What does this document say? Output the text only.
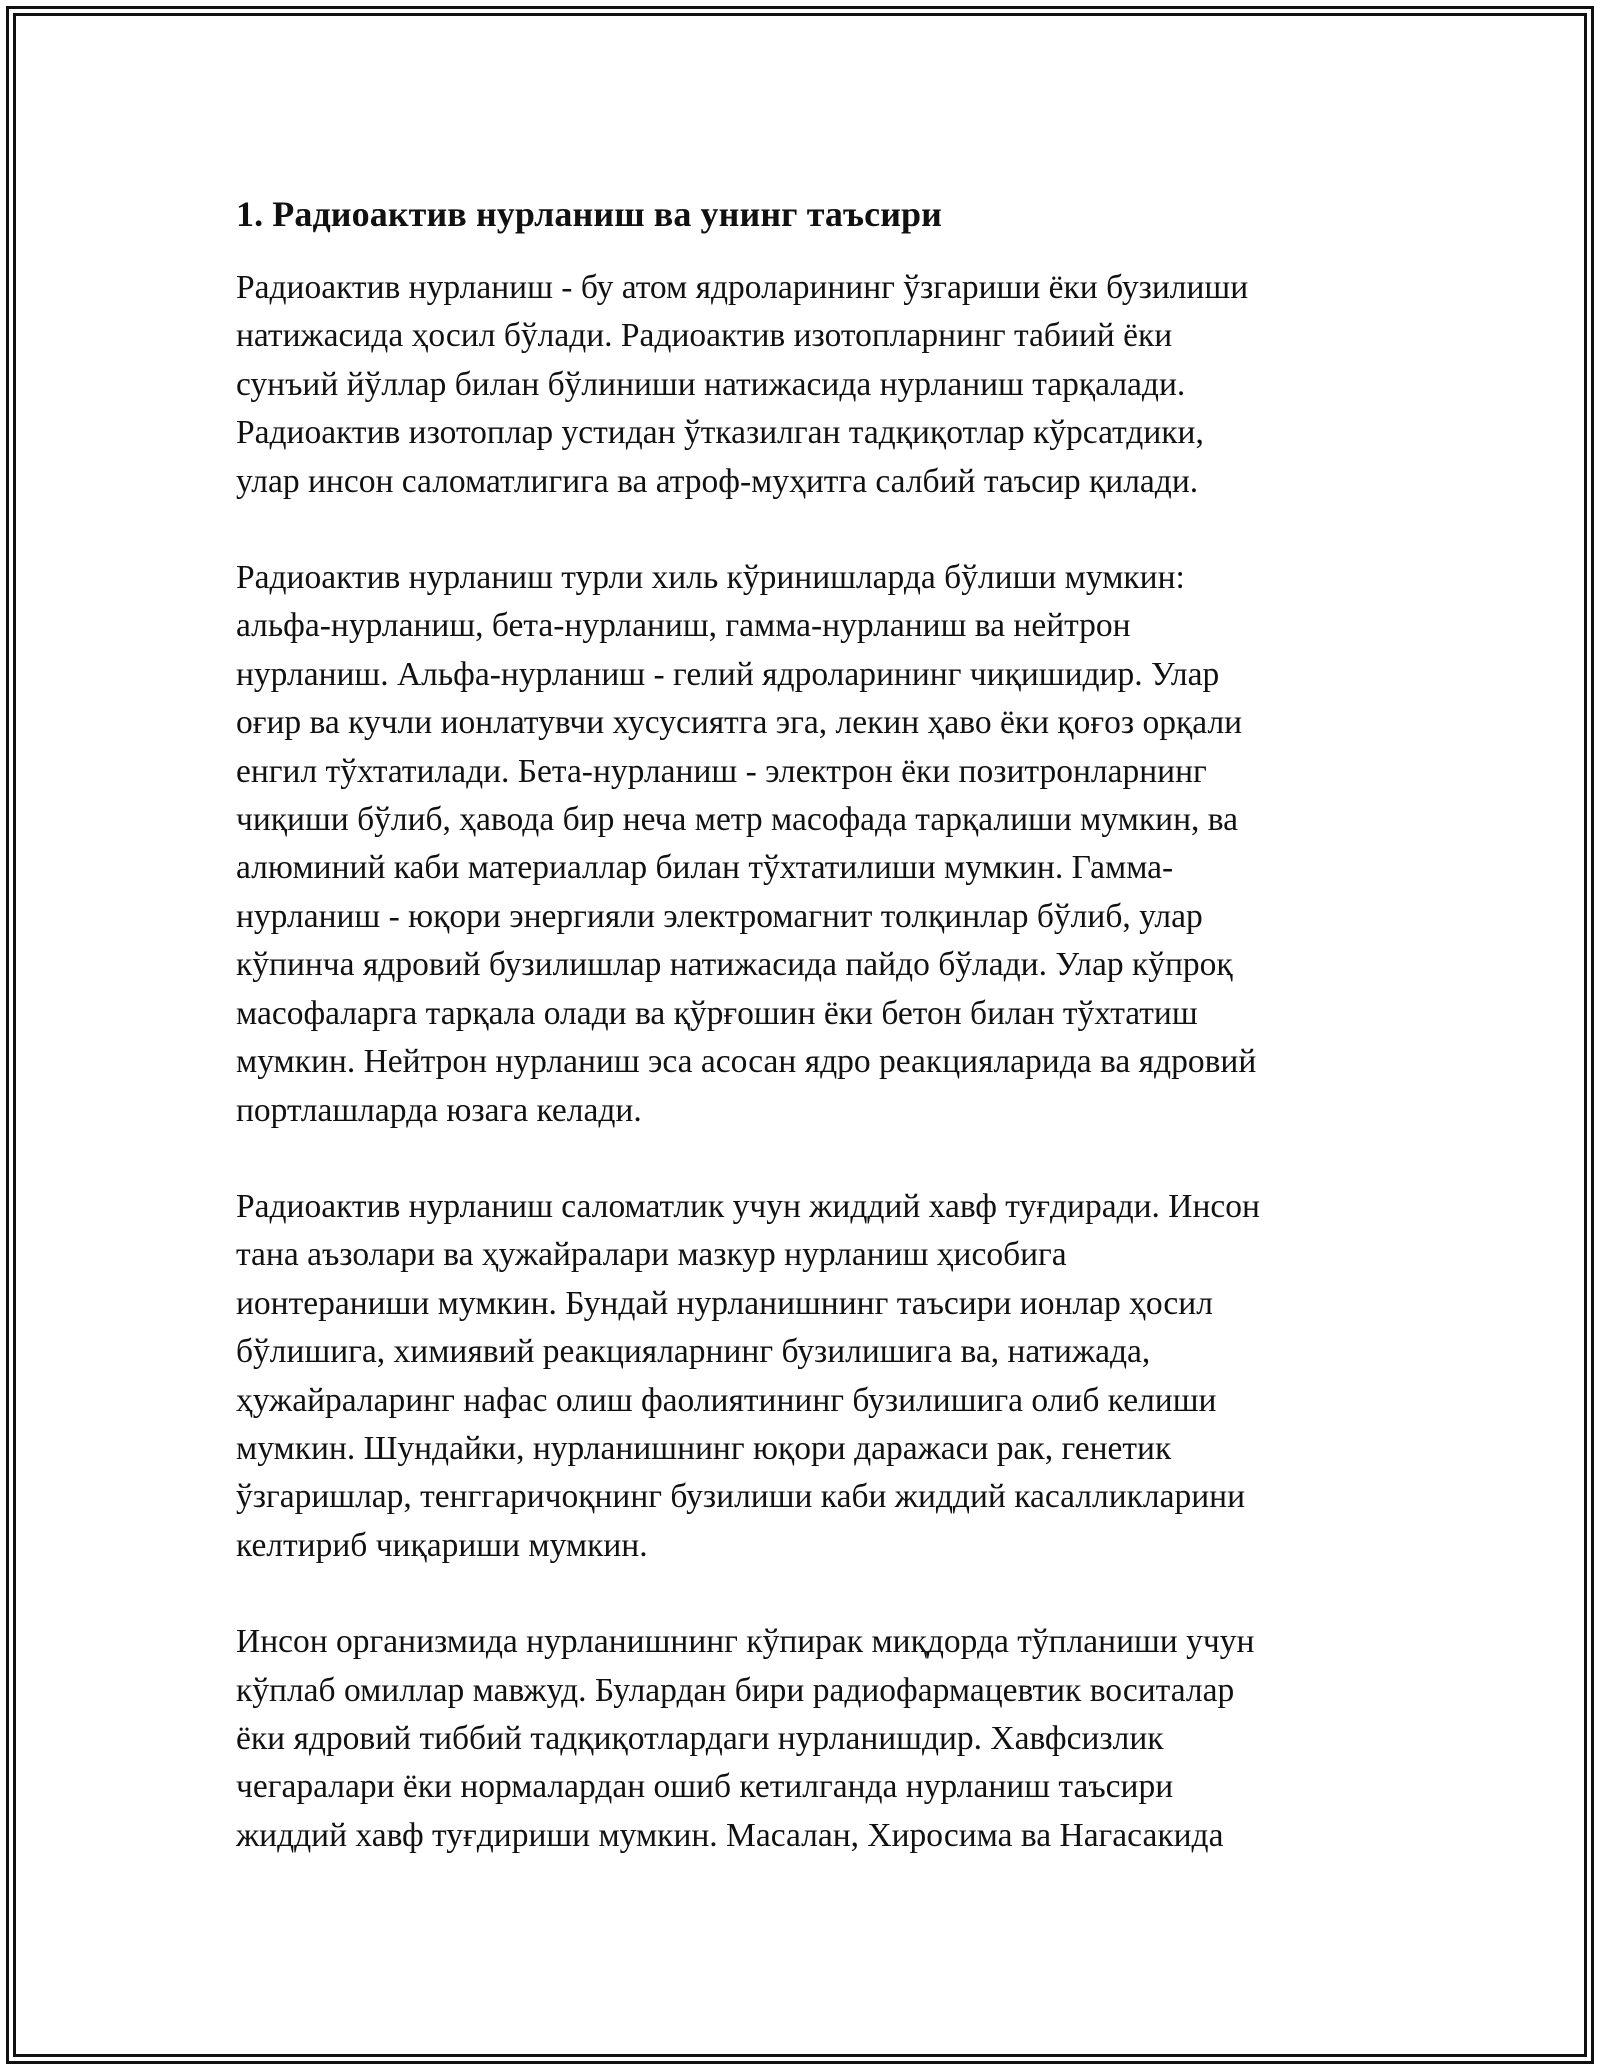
1. Радиоактив нурланиш ва унинг таъсири

Радиоактив нурланиш - бу атом ядроларининг ўзгариши ёки бузилиши
натижасида ҳосил бўлади. Радиоактив изотопларнинг табиий ёки
сунъий йўллар билан бўлиниши натижасида нурланиш тарқалади.
Радиоактив изотоплар устидан ўтказилган тадқиқотлар кўрсатдики,
улар инсон саломатлигига ва атроф-муҳитга салбий таъсир қилади.

Радиоактив нурланиш турли хиль кўринишларда бўлиши мумкин:
альфа-нурланиш, бета-нурланиш, гамма-нурланиш ва нейтрон
нурланиш. Альфа-нурланиш - гелий ядроларининг чиқишидир. Улар
оғир ва кучли ионлатувчи хусусиятга эга, лекин ҳаво ёки қоғоз орқали
енгил тўхтатилади. Бета-нурланиш - электрон ёки позитронларнинг
чиқиши бўлиб, ҳавода бир неча метр масофада тарқалиши мумкин, ва
алюминий каби материаллар билан тўхтатилиши мумкин. Гамма-
нурланиш - юқори энергияли электромагнит толқинлар бўлиб, улар
кўпинча ядровий бузилишлар натижасида пайдо бўлади. Улар кўпроқ
масофаларга тарқала олади ва қўрғошин ёки бетон билан тўхтатиш
мумкин. Нейтрон нурланиш эса асосан ядро реакцияларида ва ядровий
портлашларда юзага келади.

Радиоактив нурланиш саломатлик учун жиддий хавф туғдиради. Инсон
тана аъзолари ва ҳужайралари мазкур нурланиш ҳисобига
ионтераниши мумкин. Бундай нурланишнинг таъсири ионлар ҳосил
бўлишига, химиявий реакцияларнинг бузилишига ва, натижада,
ҳужайраларинг нафас олиш фаолиятининг бузилишига олиб келиши
мумкин. Шундайки, нурланишнинг юқори даражаси рак, генетик
ўзгаришлар, тенггаричоқнинг бузилиши каби жиддий касалликларини
келтириб чиқариши мумкин.

Инсон организмида нурланишнинг кўпирак миқдорда тўпланиши учун
кўплаб омиллар мавжуд. Булардан бири радиофармацевтик воситалар
ёки ядровий тиббий тадқиқотлардаги нурланишдир. Хавфсизлик
чегаралари ёки нормалардан ошиб кетилганда нурланиш таъсири
жиддий хавф туғдириши мумкин. Масалан, Хиросима ва Нагасакида
